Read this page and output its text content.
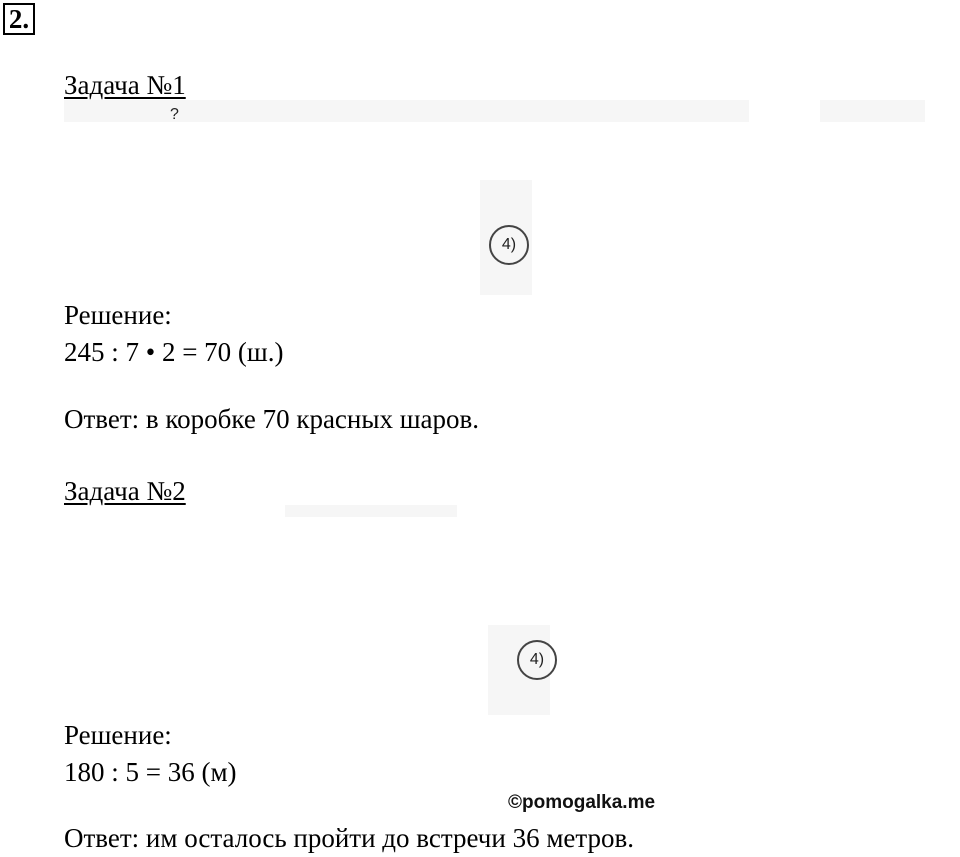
2.
Задача №1
?
4)
Решение:
245 : 7 • 2 = 70 (ш.)
Ответ: в коробке 70 красных шаров.
Задача №2
4)
Решение:
180 : 5 = 36 (м)
©pomogalka.me
Ответ: им осталось пройти до встречи 36 метров.
